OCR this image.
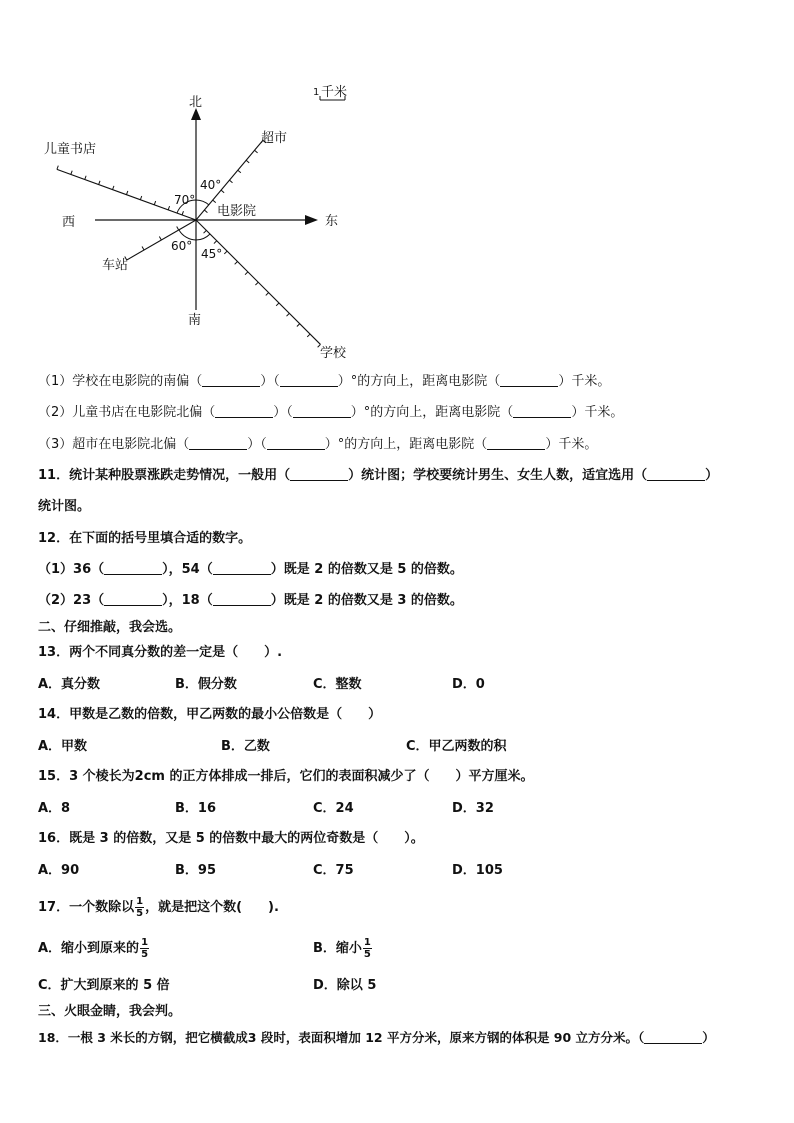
1 千米
北
南
东
西
70°
40°
60°
45°
电影院
儿童书店
超市
车站
学校
（1）学校在电影院的南偏（	）（	）°的方向上，距离电影院（	）千米。
（2）儿童书店在电影院北偏（	）（	）°的方向上，距离电影院（	）千米。
（3）超市在电影院北偏（	）（	）°的方向上，距离电影院（	）千米。
11．统计某种股票涨跌走势情况，一般用（	）统计图；学校要统计男生、女生人数，适宜选用（	）
统计图。
12．在下面的括号里填合适的数字。
（1）36（	），54（	）既是 2 的倍数又是 5 的倍数。
（2）23（	），18（	）既是 2 的倍数又是 3 的倍数。
二、仔细推敲，我会选。
13．两个不同真分数的差一定是（　　）.
A．真分数	B．假分数	C．整数	D．0
14．甲数是乙数的倍数，甲乙两数的最小公倍数是（　　）
A．甲数	B．乙数	C．甲乙两数的积
15．3 个棱长为2cm 的正方体排成一排后，它们的表面积减少了（　　）平方厘米。
A．8	B．16	C．24	D．32
16．既是 3 的倍数，又是 5 的倍数中最大的两位奇数是（　　）。
A．90	B．95	C．75	D．105
17．一个数除以 $\frac{1}{5}$ ，就是把这个数(　　).
A．缩小到原来的 $\frac{1}{5}$	B．缩小 $\frac{1}{5}$
C．扩大到原来的 5 倍	D．除以 5
三、火眼金睛，我会判。
18．一根 3 米长的方钢，把它横截成3 段时，表面积增加 12 平方分米，原来方钢的体积是 90 立方分米。（	）
